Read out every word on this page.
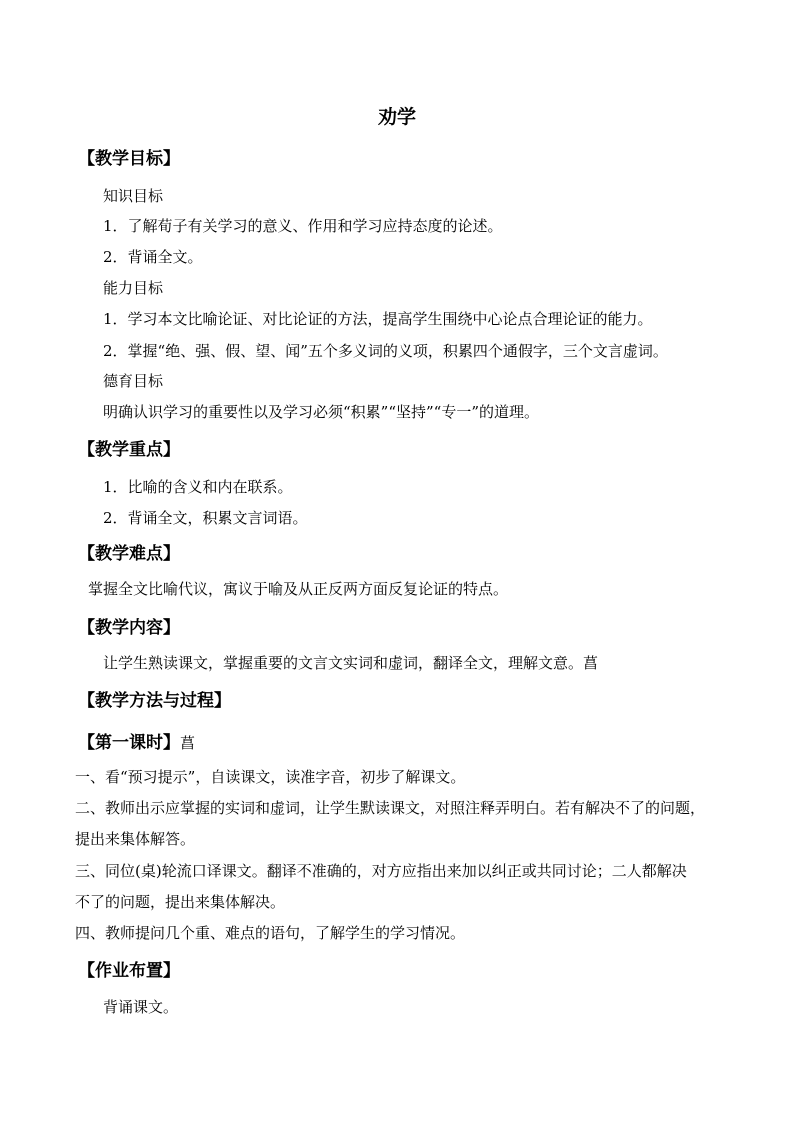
劝学
【教学目标】
知识目标
1．了解荀子有关学习的意义、作用和学习应持态度的论述。
2．背诵全文。
能力目标
1．学习本文比喻论证、对比论证的方法，提高学生围绕中心论点合理论证的能力。
2．掌握“绝、强、假、望、闻”五个多义词的义项，积累四个通假字，三个文言虚词。
德育目标
明确认识学习的重要性以及学习必须“积累”“坚持”“专一”的道理。
【教学重点】
1．比喻的含义和内在联系。
2．背诵全文，积累文言词语。
【教学难点】
掌握全文比喻代议，寓议于喻及从正反两方面反复论证的特点。
【教学内容】
让学生熟读课文，掌握重要的文言文实词和虚词，翻译全文，理解文意。菖
【教学方法与过程】
【第一课时】菖
一、看“预习提示”，自读课文，读准字音，初步了解课文。
二、教师出示应掌握的实词和虚词，让学生默读课文，对照注释弄明白。若有解决不了的问题，
提出来集体解答。
三、同位(桌)轮流口译课文。翻译不准确的，对方应指出来加以纠正或共同讨论；二人都解决
不了的问题，提出来集体解决。
四、教师提问几个重、难点的语句，了解学生的学习情况。
【作业布置】
背诵课文。
